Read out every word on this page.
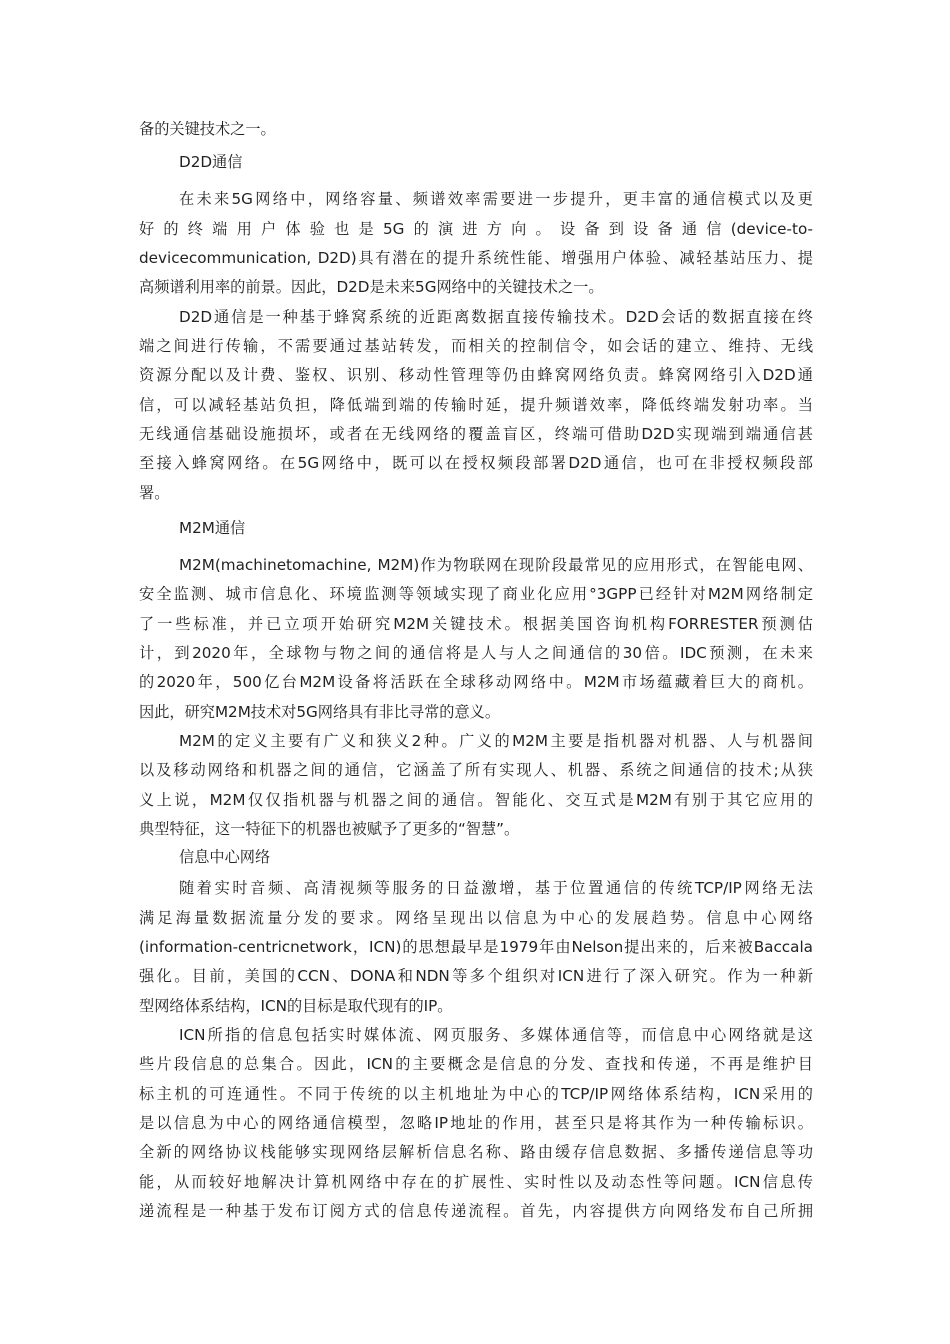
备的关键技术之一。
D2D通信
在未来5G网络中，网络容量、频谱效率需要进一步提升，更丰富的通信模式以及更
好的终端用户体验也是5G的演进方向。设备到设备通信(device-to-
devicecommunication, D2D)具有潜在的提升系统性能、增强用户体验、减轻基站压力、提
高频谱利用率的前景。因此，D2D是未来5G网络中的关键技术之一。
D2D通信是一种基于蜂窝系统的近距离数据直接传输技术。D2D会话的数据直接在终
端之间进行传输，不需要通过基站转发，而相关的控制信令，如会话的建立、维持、无线
资源分配以及计费、鉴权、识别、移动性管理等仍由蜂窝网络负责。蜂窝网络引入D2D通
信，可以减轻基站负担，降低端到端的传输时延，提升频谱效率，降低终端发射功率。当
无线通信基础设施损坏，或者在无线网络的覆盖盲区，终端可借助D2D实现端到端通信甚
至接入蜂窝网络。在5G网络中，既可以在授权频段部署D2D通信，也可在非授权频段部
署。
M2M通信
M2M(machinetomachine, M2M)作为物联网在现阶段最常见的应用形式，在智能电网、
安全监测、城市信息化、环境监测等领域实现了商业化应用°3GPP已经针对M2M网络制定
了一些标准，并已立项开始研究M2M关键技术。根据美国咨询机构FORRESTER预测估
计，到2020年，全球物与物之间的通信将是人与人之间通信的30倍。IDC预测，在未来
的2020年，500亿台M2M设备将活跃在全球移动网络中。M2M市场蕴藏着巨大的商机。
因此，研究M2M技术对5G网络具有非比寻常的意义。
M2M的定义主要有广义和狭义2种。广义的M2M主要是指机器对机器、人与机器间
以及移动网络和机器之间的通信，它涵盖了所有实现人、机器、系统之间通信的技术;从狭
义上说，M2M仅仅指机器与机器之间的通信。智能化、交互式是M2M有别于其它应用的
典型特征，这一特征下的机器也被赋予了更多的“智慧”。
信息中心网络
随着实时音频、高清视频等服务的日益激增，基于位置通信的传统TCP/IP网络无法
满足海量数据流量分发的要求。网络呈现出以信息为中心的发展趋势。信息中心网络
(information-centricnetwork，ICN)的思想最早是1979年由Nelson提出来的，后来被Baccala
强化。目前，美国的CCN、DONA和NDN等多个组织对ICN进行了深入研究。作为一种新
型网络体系结构，ICN的目标是取代现有的IP。
ICN所指的信息包括实时媒体流、网页服务、多媒体通信等，而信息中心网络就是这
些片段信息的总集合。因此，ICN的主要概念是信息的分发、查找和传递，不再是维护目
标主机的可连通性。不同于传统的以主机地址为中心的TCP/IP网络体系结构，ICN采用的
是以信息为中心的网络通信模型，忽略IP地址的作用，甚至只是将其作为一种传输标识。
全新的网络协议栈能够实现网络层解析信息名称、路由缓存信息数据、多播传递信息等功
能，从而较好地解决计算机网络中存在的扩展性、实时性以及动态性等问题。ICN信息传
递流程是一种基于发布订阅方式的信息传递流程。首先，内容提供方向网络发布自己所拥
